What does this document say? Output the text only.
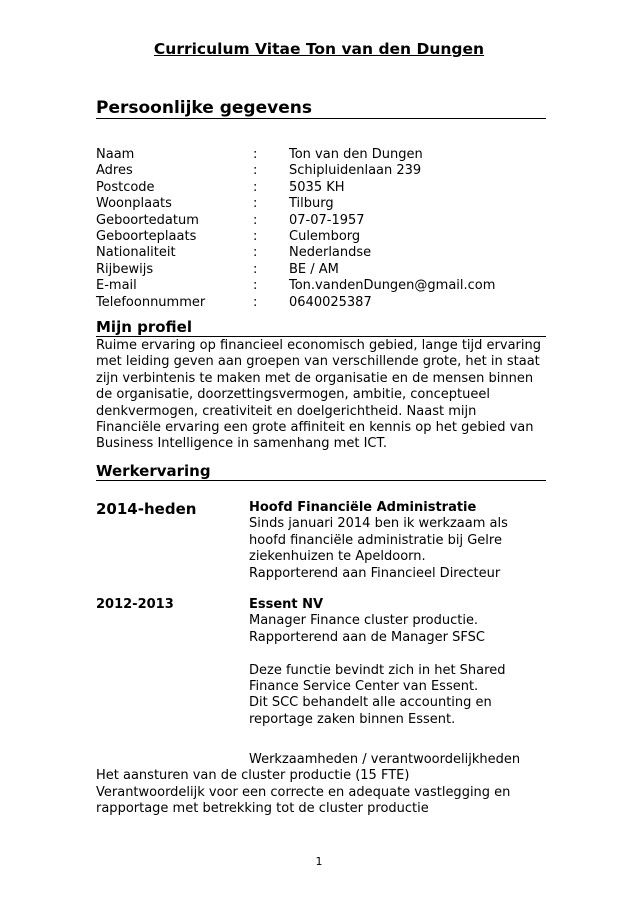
Curriculum Vitae Ton van den Dungen
Persoonlijke gegevens
Naam	: Ton van den Dungen
Adres	: Schipluidenlaan 239
Postcode	: 5035 KH
Woonplaats	: Tilburg
Geboortedatum	: 07-07-1957
Geboorteplaats	: Culemborg
Nationaliteit	: Nederlandse
Rijbewijs	: BE / AM
E-mail	: Ton.vandenDungen@gmail.com
Telefoonnummer	: 0640025387
Mijn profiel
Ruime ervaring op financieel economisch gebied, lange tijd ervaring
met leiding geven aan groepen van verschillende grote, het in staat
zijn verbintenis te maken met de organisatie en de mensen binnen
de organisatie, doorzettingsvermogen, ambitie, conceptueel
denkvermogen, creativiteit en doelgerichtheid. Naast mijn
Financiële ervaring een grote affiniteit en kennis op het gebied van
Business Intelligence in samenhang met ICT.
Werkervaring
2014-heden	Hoofd Financiële Administratie
Sinds januari 2014 ben ik werkzaam als
hoofd financiële administratie bij Gelre
ziekenhuizen te Apeldoorn.
Rapporterend aan Financieel Directeur
2012-2013	Essent NV
Manager Finance cluster productie.
Rapporterend aan de Manager SFSC
Deze functie bevindt zich in het Shared
Finance Service Center van Essent.
Dit SCC behandelt alle accounting en
reportage zaken binnen Essent.
Werkzaamheden / verantwoordelijkheden
Het aansturen van de cluster productie (15 FTE)
Verantwoordelijk voor een correcte en adequate vastlegging en
rapportage met betrekking tot de cluster productie
1
